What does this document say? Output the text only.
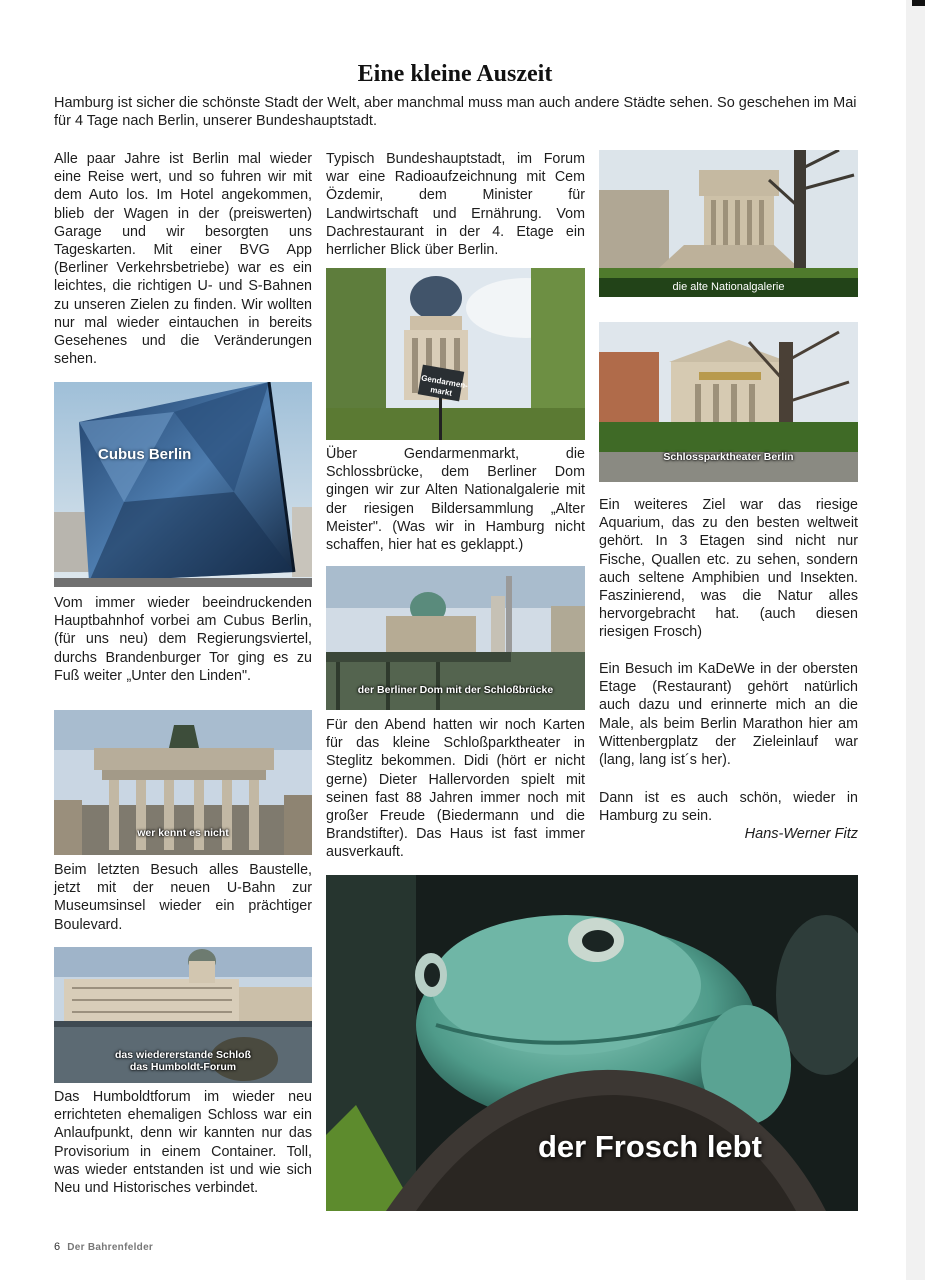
Eine kleine Auszeit

Hamburg ist sicher die schönste Stadt der Welt, aber manchmal muss man auch andere Städte sehen. So geschehen im Mai für 4 Tage nach Berlin, unserer Bundeshauptstadt.

Alle paar Jahre ist Berlin mal wieder eine Reise wert, und so fuhren wir mit dem Auto los. Im Hotel angekommen, blieb der Wagen in der (preiswerten) Garage und wir besorgten uns Tageskarten. Mit einer BVG App (Berliner Verkehrsbetriebe) war es ein leichtes, die richtigen U- und S-Bahnen zu unseren Zielen zu finden. Wir wollten nur mal wieder eintauchen in bereits Gesehenes und die Veränderungen sehen.

Cubus Berlin

Vom immer wieder beeindruckenden Hauptbahnhof vorbei am Cubus Berlin, (für uns neu) dem Regierungsviertel, durchs Brandenburger Tor ging es zu Fuß weiter „Unter den Linden".

wer kennt es nicht

Beim letzten Besuch alles Baustelle, jetzt mit der neuen U-Bahn zur Museumsinsel wieder ein prächtiger Boulevard.

das wiedererstande Schloß
das Humboldt-Forum

Das Humboldtforum im wieder neu errichteten ehemaligen Schloss war ein Anlaufpunkt, denn wir kannten nur das Provisorium in einem Container. Toll, was wieder entstanden ist und wie sich Neu und Historisches verbindet.

Typisch Bundeshauptstadt, im Forum war eine Radioaufzeichnung mit Cem Özdemir, dem Minister für Landwirtschaft und Ernährung. Vom Dachrestaurant in der 4. Etage ein herrlicher Blick über Berlin.

Gendarmen- markt

Über Gendarmenmarkt, die Schlossbrücke, dem Berliner Dom gingen wir zur Alten Nationalgalerie mit der riesigen Bildersammlung „Alter Meister". (Was wir in Hamburg nicht schaffen, hier hat es geklappt.)

der Berliner Dom mit der Schloßbrücke

Für den Abend hatten wir noch Karten für das kleine Schloßparktheater in Steglitz bekommen. Didi (hört er nicht gerne) Dieter Hallervorden spielt mit seinen fast 88 Jahren immer noch mit großer Freude (Biedermann und die Brandstifter). Das Haus ist fast immer ausverkauft.

die alte Nationalgalerie
Schlossparktheater Berlin

Ein weiteres Ziel war das riesige Aquarium, das zu den besten weltweit gehört. In 3 Etagen sind nicht nur Fische, Quallen etc. zu sehen, sondern auch seltene Amphibien und Insekten. Faszinierend, was die Natur alles hervorgebracht hat. (auch diesen riesigen Frosch)

Ein Besuch im KaDeWe in der obersten Etage (Restaurant) gehört natürlich auch dazu und erinnerte mich an die Male, als beim Berlin Marathon hier am Wittenbergplatz der Zieleinlauf war (lang, lang ist´s her).

Dann ist es auch schön, wieder in Hamburg zu sein.

Hans-Werner Fitz
der Frosch lebt
6 Der Bahrenfelder
